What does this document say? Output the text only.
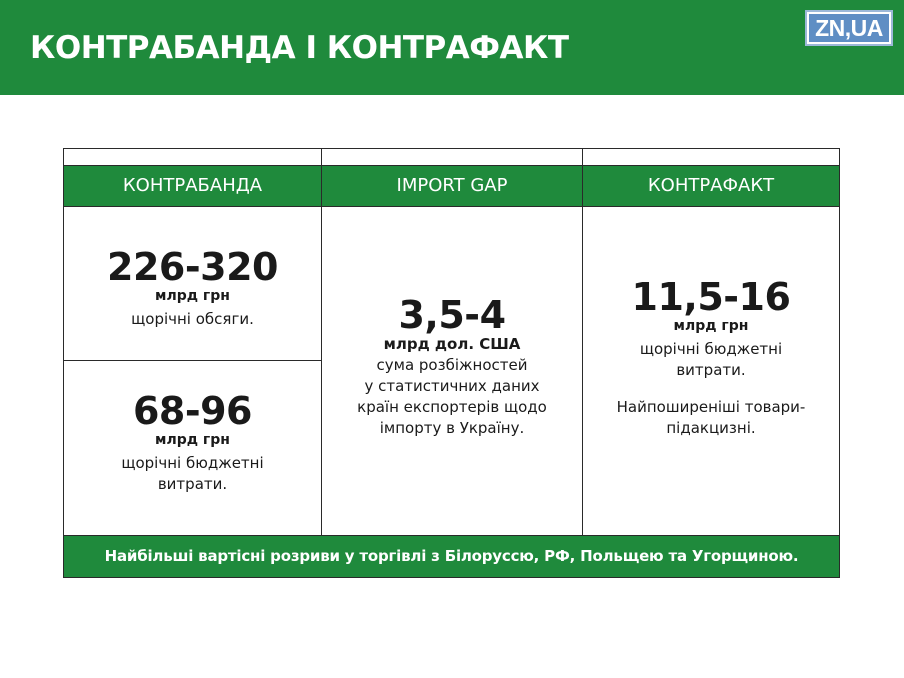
КОНТРАБАНДА І КОНТРАФАКТ
ZN,UA
КОНТРАБАНДА	IMPORT GAP	КОНТРАФАКТ
226-320
млрд грн
щорічні обсяги.
68-96
млрд грн
щорічні бюджетні
витрати.
3,5-4
млрд дол. США
сума розбіжностей
у статистичних даних
країн експортерів щодо
імпорту в Україну.
11,5-16
млрд грн
щорічні бюджетні
витрати.
Найпоширеніші товари-
підакцизні.
Найбільші вартісні розриви у торгівлі з Білоруссю, РФ, Польщею та Угорщиною.
